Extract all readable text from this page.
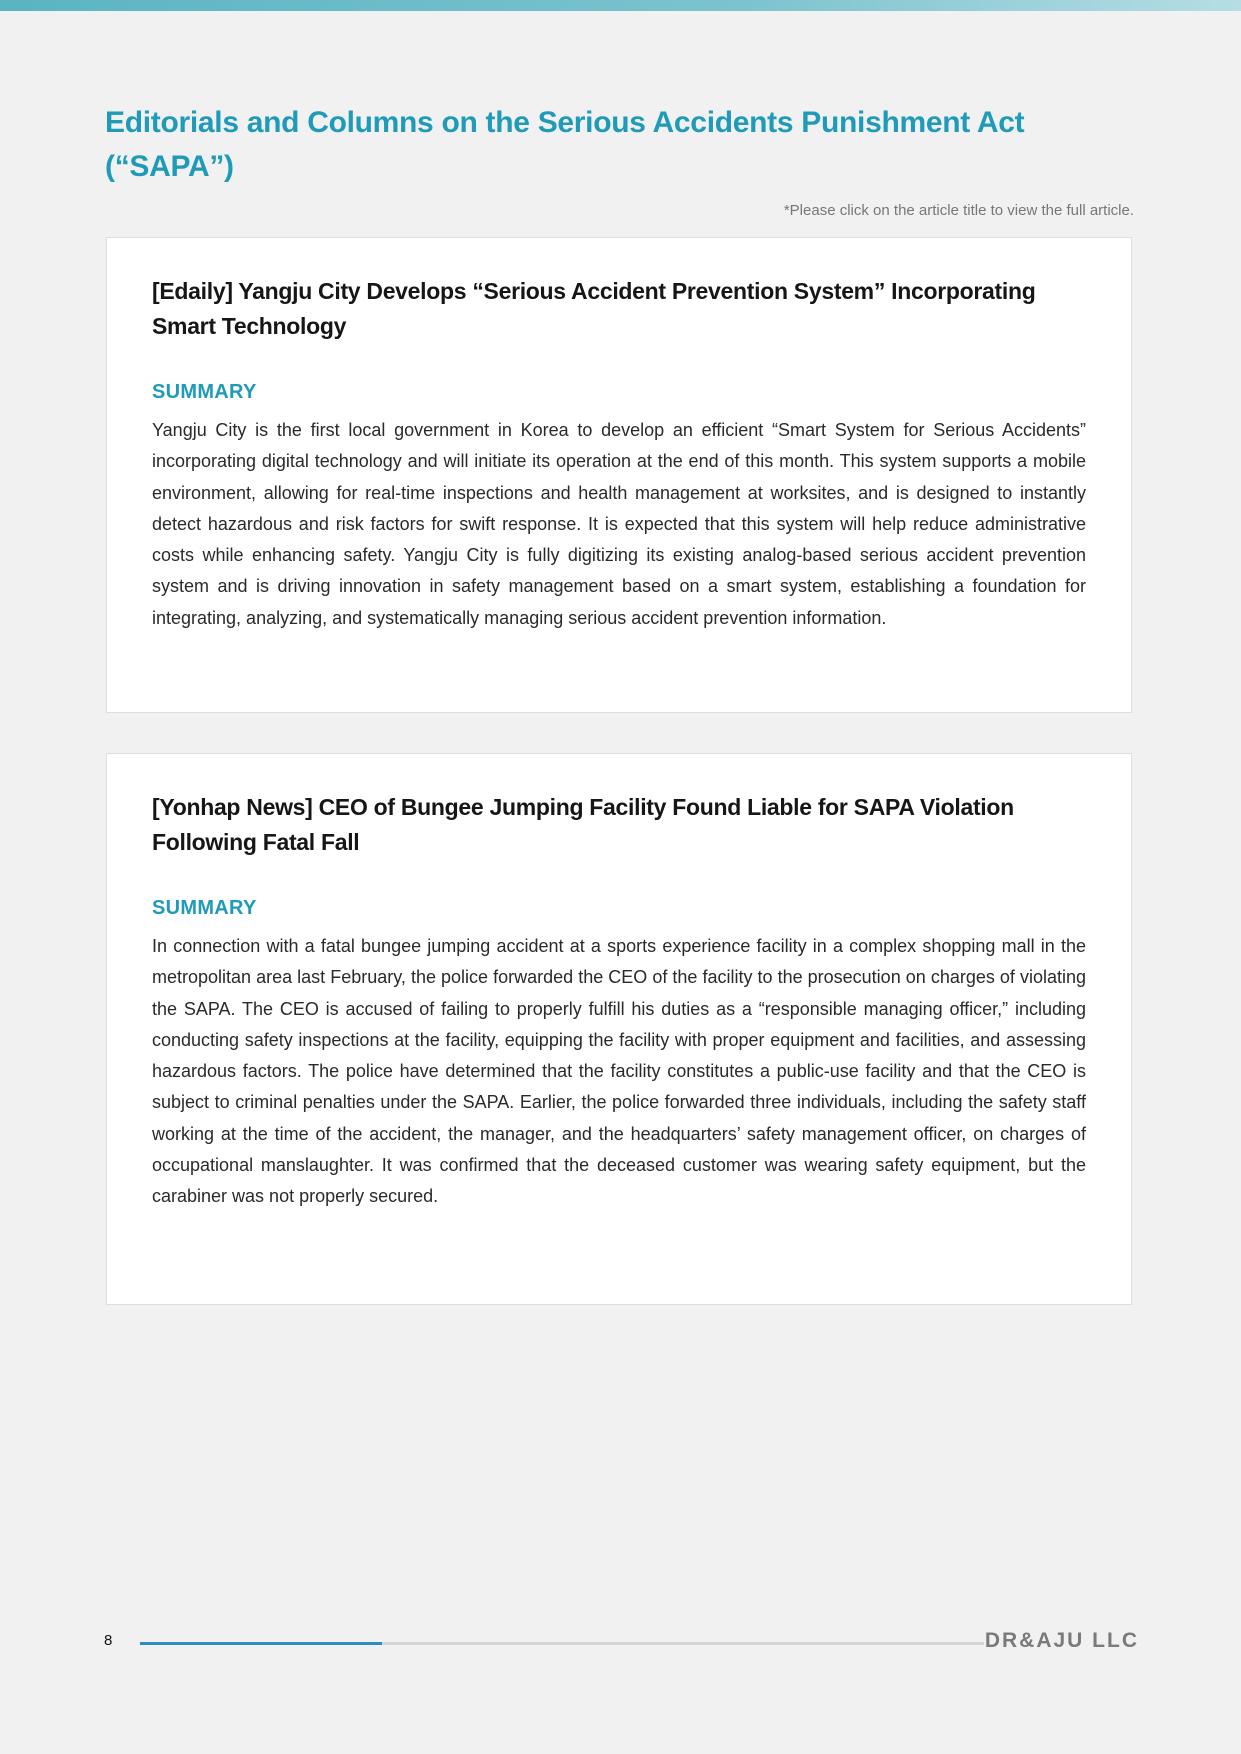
Editorials and Columns on the Serious Accidents Punishment Act (“SAPA”)
*Please click on the article title to view the full article.
[Edaily] Yangju City Develops “Serious Accident Prevention System” Incorporating Smart Technology
SUMMARY

Yangju City is the first local government in Korea to develop an efficient “Smart System for Serious Accidents” incorporating digital technology and will initiate its operation at the end of this month. This system supports a mobile environment, allowing for real-time inspections and health management at worksites, and is designed to instantly detect hazardous and risk factors for swift response. It is expected that this system will help reduce administrative costs while enhancing safety. Yangju City is fully digitizing its existing analog-based serious accident prevention system and is driving innovation in safety management based on a smart system, establishing a foundation for integrating, analyzing, and systematically managing serious accident prevention information.

[Yonhap News] CEO of Bungee Jumping Facility Found Liable for SAPA Violation Following Fatal Fall
SUMMARY

In connection with a fatal bungee jumping accident at a sports experience facility in a complex shopping mall in the metropolitan area last February, the police forwarded the CEO of the facility to the prosecution on charges of violating the SAPA. The CEO is accused of failing to properly fulfill his duties as a “responsible managing officer,” including conducting safety inspections at the facility, equipping the facility with proper equipment and facilities, and assessing hazardous factors. The police have determined that the facility constitutes a public-use facility and that the CEO is subject to criminal penalties under the SAPA. Earlier, the police forwarded three individuals, including the safety staff working at the time of the accident, the manager, and the headquarters’ safety management officer, on charges of occupational manslaughter. It was confirmed that the deceased customer was wearing safety equipment, but the carabiner was not properly secured.

8	DR&AJU LLC
